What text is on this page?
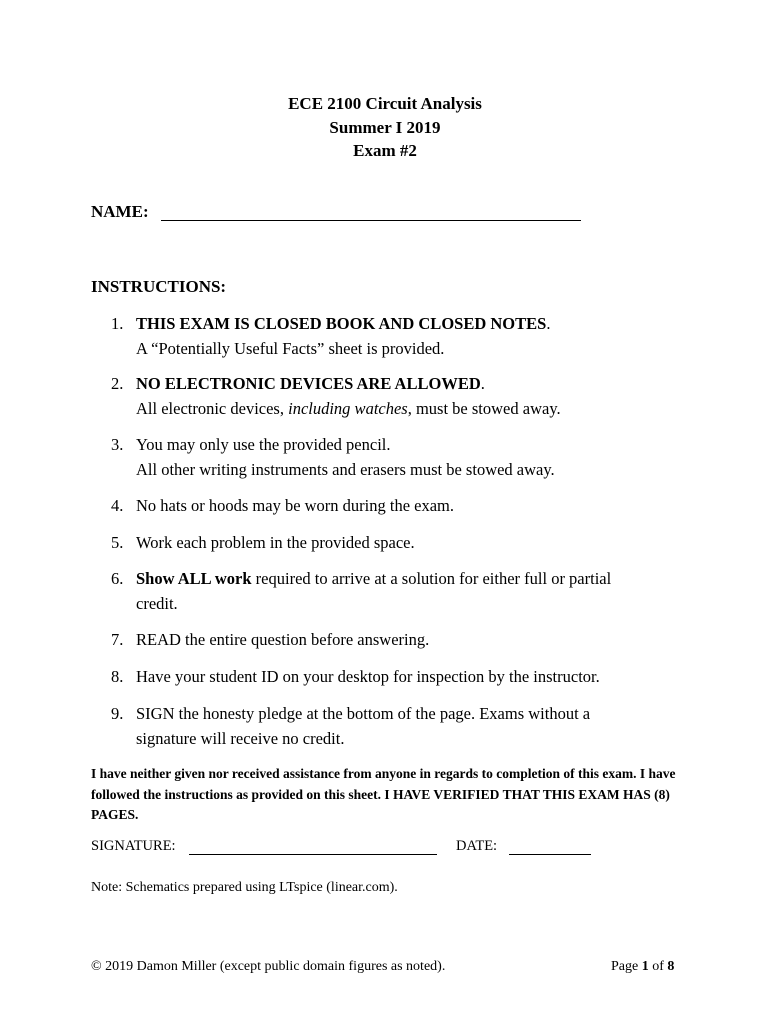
ECE 2100 Circuit Analysis
Summer I 2019
Exam #2
NAME:
INSTRUCTIONS:
1. THIS EXAM IS CLOSED BOOK AND CLOSED NOTES.
A “Potentially Useful Facts” sheet is provided.
2. NO ELECTRONIC DEVICES ARE ALLOWED.
All electronic devices, including watches, must be stowed away.
3. You may only use the provided pencil.
All other writing instruments and erasers must be stowed away.
4. No hats or hoods may be worn during the exam.
5. Work each problem in the provided space.
6. Show ALL work required to arrive at a solution for either full or partial credit.
7. READ the entire question before answering.
8. Have your student ID on your desktop for inspection by the instructor.
9. SIGN the honesty pledge at the bottom of the page. Exams without a signature will receive no credit.
I have neither given nor received assistance from anyone in regards to completion of this exam. I have followed the instructions as provided on this sheet. I HAVE VERIFIED THAT THIS EXAM HAS (8) PAGES.
SIGNATURE:	DATE:
Note: Schematics prepared using LTspice (linear.com).
© 2019 Damon Miller (except public domain figures as noted).	Page 1 of 8
